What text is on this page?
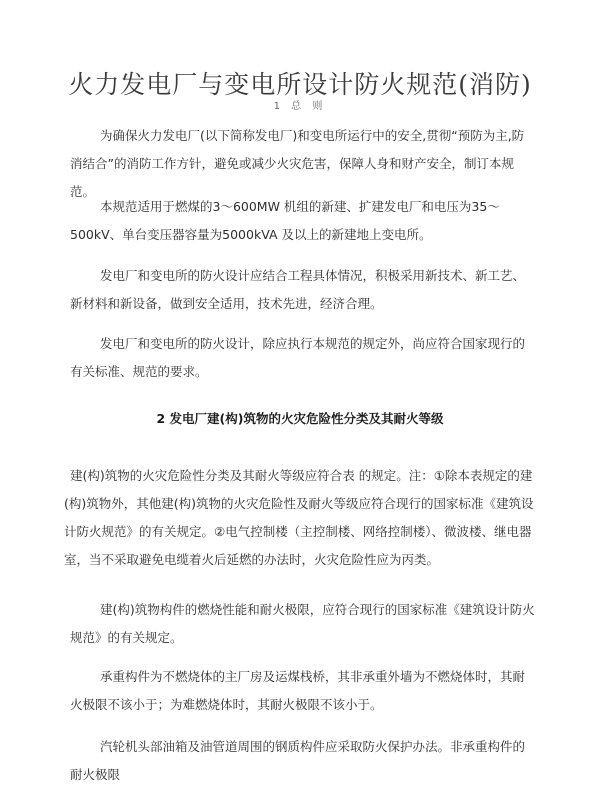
火力发电厂与变电所设计防火规范(消防)
1 总 则

为确保火力发电厂(以下简称发电厂)和变电所运行中的安全,贯彻“预防为主,防消结合”的消防工作方针，避免或减少火灾危害，保障人身和财产安全，制订本规范。

本规范适用于燃煤的3～600MW 机组的新建、扩建发电厂和电压为35～500kV、单台变压器容量为5000kVA 及以上的新建地上变电所。

发电厂和变电所的防火设计应结合工程具体情况，积极采用新技术、新工艺、新材料和新设备，做到安全适用，技术先进，经济合理。

发电厂和变电所的防火设计，除应执行本规范的规定外，尚应符合国家现行的有关标准、规范的要求。

2 发电厂建(构)筑物的火灾危险性分类及其耐火等级

建(构)筑物的火灾危险性分类及其耐火等级应符合表 的规定。注：①除本表规定的建(构)筑物外，其他建(构)筑物的火灾危险性及耐火等级应符合现行的国家标准《建筑设计防火规范》的有关规定。②电气控制楼（主控制楼、网络控制楼）、微波楼、继电器室，当不采取避免电缆着火后延燃的办法时，火灾危险性应为丙类。

建(构)筑物构件的燃烧性能和耐火极限，应符合现行的国家标准《建筑设计防火规范》的有关规定。

承重构件为不燃烧体的主厂房及运煤栈桥，其非承重外墙为不燃烧体时，其耐火极限不该小于；为难燃烧体时，其耐火极限不该小于。

汽轮机头部油箱及油管道周围的钢质构件应采取防火保护办法。非承重构件的耐火极限
